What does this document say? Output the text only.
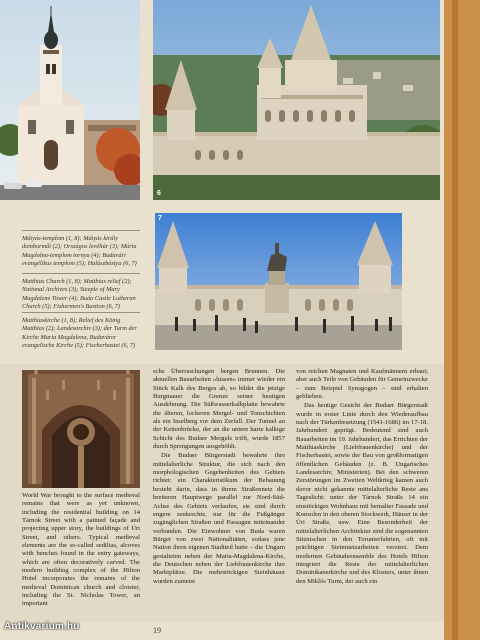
6

Mátyás-templom (1, 8); Mátyás király domborműi (2); Országos levéltár (3); Mária Magdolna-templom tornya (4); Budavári evangélikus templom (5); Halászbástya (6, 7)

Matthias Church (1, 8); Matthias relief (2); National Archives (3); Steeple of Mary Magdalene Tower (4); Buda Castle Lutheran Church (5); Fishermen's Bastion (6, 7)

Matthiaskirche (1, 8); Relief des König Matthias (2); Landesarchiv (3); der Turm der Kirche Maria Magdalena, Budavárer evangelische Kirche (5); Fischerbastei (6, 7)

7

World War brought to the surface medieval remains that were as yet unknown, including the residential building on 14 Tárnok Street with a painted façade and projecting upper story, the buildings of Úri Street, and others. Typical medieval elements are the so-called sedilias, alcoves with benches found in the entry gateways, which are often decoratively carved. The modern building complex of the Hilton Hotel incorporates the remains of the medieval Dominican church and cloister, including the St. Nicholas Tower, an important

sche Überraschungen bergen Brunnen. Die aktuellen Bauarbeiten »hissen« immer wieder ein Stück Kalk des Berges ab, so bildet die jetzige Burgmauer die Grenze seiner heutigen Ausdehnung. Die Süßwasserkalkplatte bewahrte die älteren, lockeren Mergel- und Tonschichten als ein Inselberg vor dem Zerfall. Der Tunnel an der Kettenbrücke, der an die untere harte kalkige Schicht des Budaer Mergels trifft, wurde 1857 durch Sprengungen ausgehöhlt.

Die Budaer Bürgerstadt bewahrte ihre mittelalterliche Struktur, die sich nach den morphologischen Gegebenheiten des Gebiets richtet: ein Charakteristikum der Bebauung besteht darin, dass in ihrem Straßennetz die breiteren Hauptwege parallel zur Nord-Süd-Achse des Gebiets verlaufen, sie sind durch engere senkrechte, nur für die Fußgänger zugänglichen Straßen und Passagen miteinander verbunden. Die Einwohner von Buda waren Bürger von zwei Nationalitäten, sodass jene Nation ihren eigenen Stadtteil hatte – die Ungarn gestalteten neben der Maria-Magdalena-Kirche, die Deutschen neben der Liebfrauenkirche ihre Marktplätze. Die mehrstöckigen Steinhäuser wurden zumeist

von reichen Magnaten und Kaufmännern erbaut; aber auch Teile von Gebäuden für Gemeinzwecke – zum Beispiel Synagogen – sind erhalten geblieben.

Das heutige Gesicht der Budaer Bürgerstadt wurde in erster Linie durch den Wiederaufbau nach der Türkenbesetzung (1541-1686) im 17-18. Jahrhundert geprägt. Bedeutend sind auch Bauarbeiten im 19. Jahrhundert, das Errichten der Matthiaskirche (Liebfrauenkirche) und der Fischerbastei, sowie der Bau von großformatigen öffentlichen Gebäuden (z. B. Ungarisches Landesarchiv, Ministerien). Bei den schweren Zerstörungen im Zweiten Weltkrieg kamen auch davor nicht gekannte mittelalterliche Reste ans Tageslicht: unter der Tárnok Straße 14 ein einstöckiges Wohnhaus mit bemalter Fassade und Konsolen in den oberen Stockwerk, Häuser in der Úri Straße, usw. Eine Besonderheit der mittelalterlichen Architektur sind die sogenannten Sitznischen in den Torunterfahrten, oft mit prächtigen Steinmetzarbeiten verziert. Dem modernen Gebäudeensemble des Hotels Hilton integriert die Reste der mittelalterlichen Dominikanerkirche und des Klosters, unter ihnen den Miklós Turm, der auch ein

19
Antikvarium.hu
